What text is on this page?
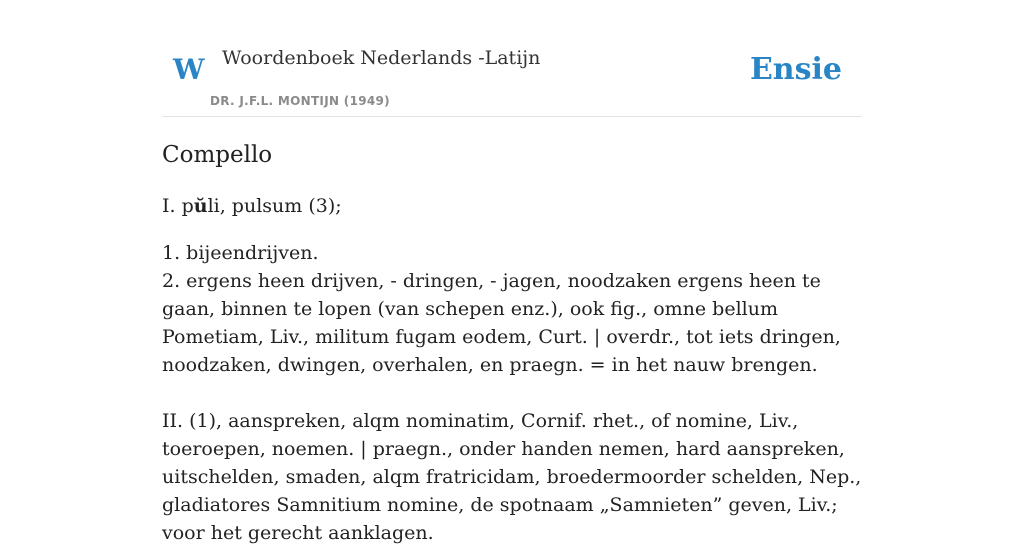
W Woordenboek Nederlands -Latijn
DR. J.F.L. MONTIJN (1949)
Ensie
Compello
I. pŭli, pulsum (3);

1. bijeendrijven.

2. ergens heen drijven, - dringen, - jagen, noodzaken ergens heen te gaan, binnen te lopen (van schepen enz.), ook fig., omne bellum Pometiam, Liv., militum fugam eodem, Curt. | overdr., tot iets dringen, noodzaken, dwingen, overhalen, en praegn. = in het nauw brengen.

II. (1), aanspreken, alqm nominatim, Cornif. rhet., of nomine, Liv., toeroepen, noemen. | praegn., onder handen nemen, hard aanspreken, uitschelden, smaden, alqm fratricidam, broedermoorder schelden, Nep., gladiatores Samnitium nomine, de spotnaam „Samnieten” geven, Liv.; voor het gerecht aanklagen.
